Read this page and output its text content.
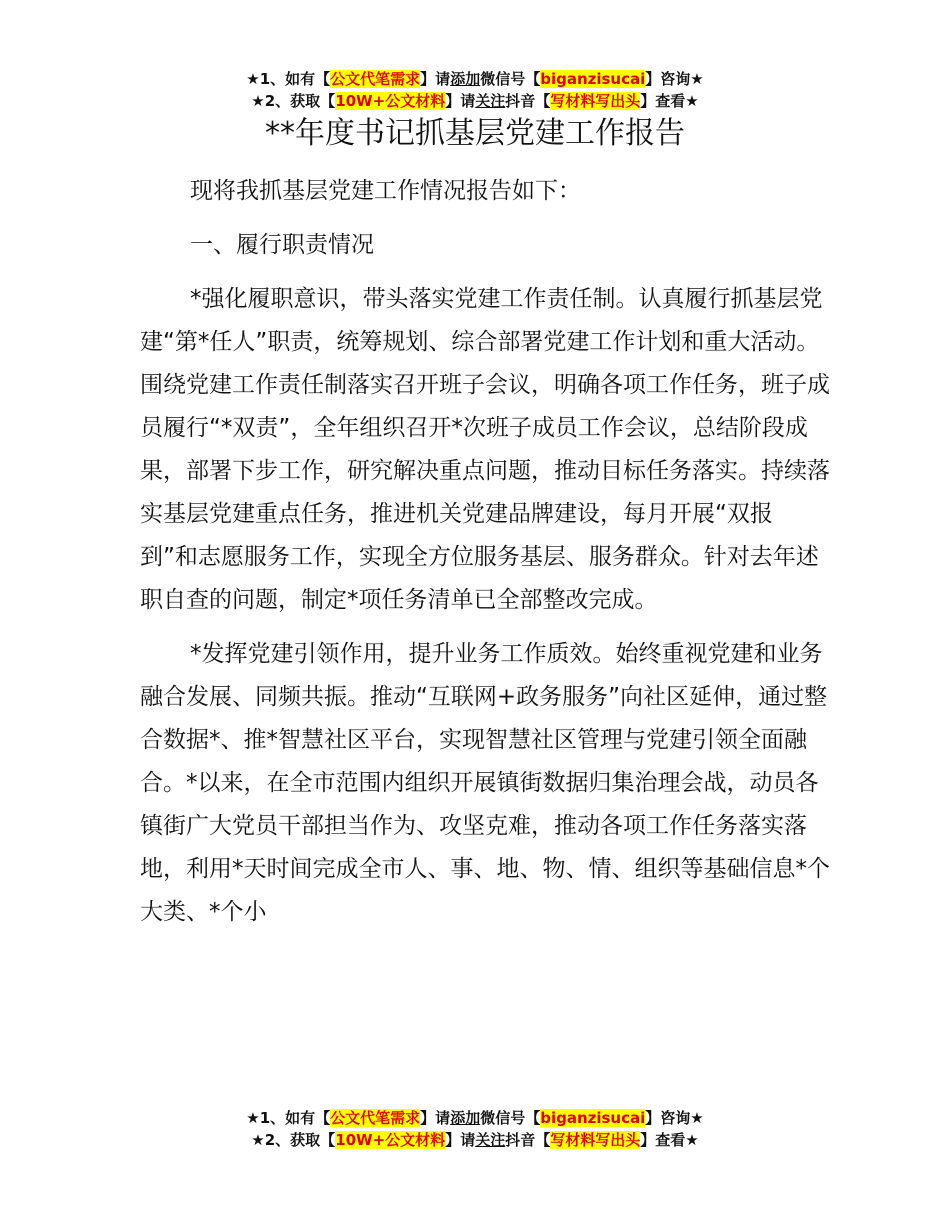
★1、如有【公文代笔需求】请添加微信号【biganzisucai】咨询★
★2、获取【10W+公文材料】请关注抖音【写材料写出头】查看★
**年度书记抓基层党建工作报告

现将我抓基层党建工作情况报告如下：

一、履行职责情况

*强化履职意识，带头落实党建工作责任制。认真履行抓基层党建“第*任人”职责，统筹规划、综合部署党建工作计划和重大活动。围绕党建工作责任制落实召开班子会议，明确各项工作任务，班子成员履行“*双责”，全年组织召开*次班子成员工作会议，总结阶段成果，部署下步工作，研究解决重点问题，推动目标任务落实。持续落实基层党建重点任务，推进机关党建品牌建设，每月开展“双报到”和志愿服务工作，实现全方位服务基层、服务群众。针对去年述职自查的问题，制定*项任务清单已全部整改完成。

*发挥党建引领作用，提升业务工作质效。始终重视党建和业务融合发展、同频共振。推动“互联网+政务服务”向社区延伸，通过整合数据*、推*智慧社区平台，实现智慧社区管理与党建引领全面融合。*以来，在全市范围内组织开展镇街数据归集治理会战，动员各镇街广大党员干部担当作为、攻坚克难，推动各项工作任务落实落地，利用*天时间完成全市人、事、地、物、情、组织等基础信息*个大类、*个小

★1、如有【公文代笔需求】请添加微信号【biganzisucai】咨询★
★2、获取【10W+公文材料】请关注抖音【写材料写出头】查看★
